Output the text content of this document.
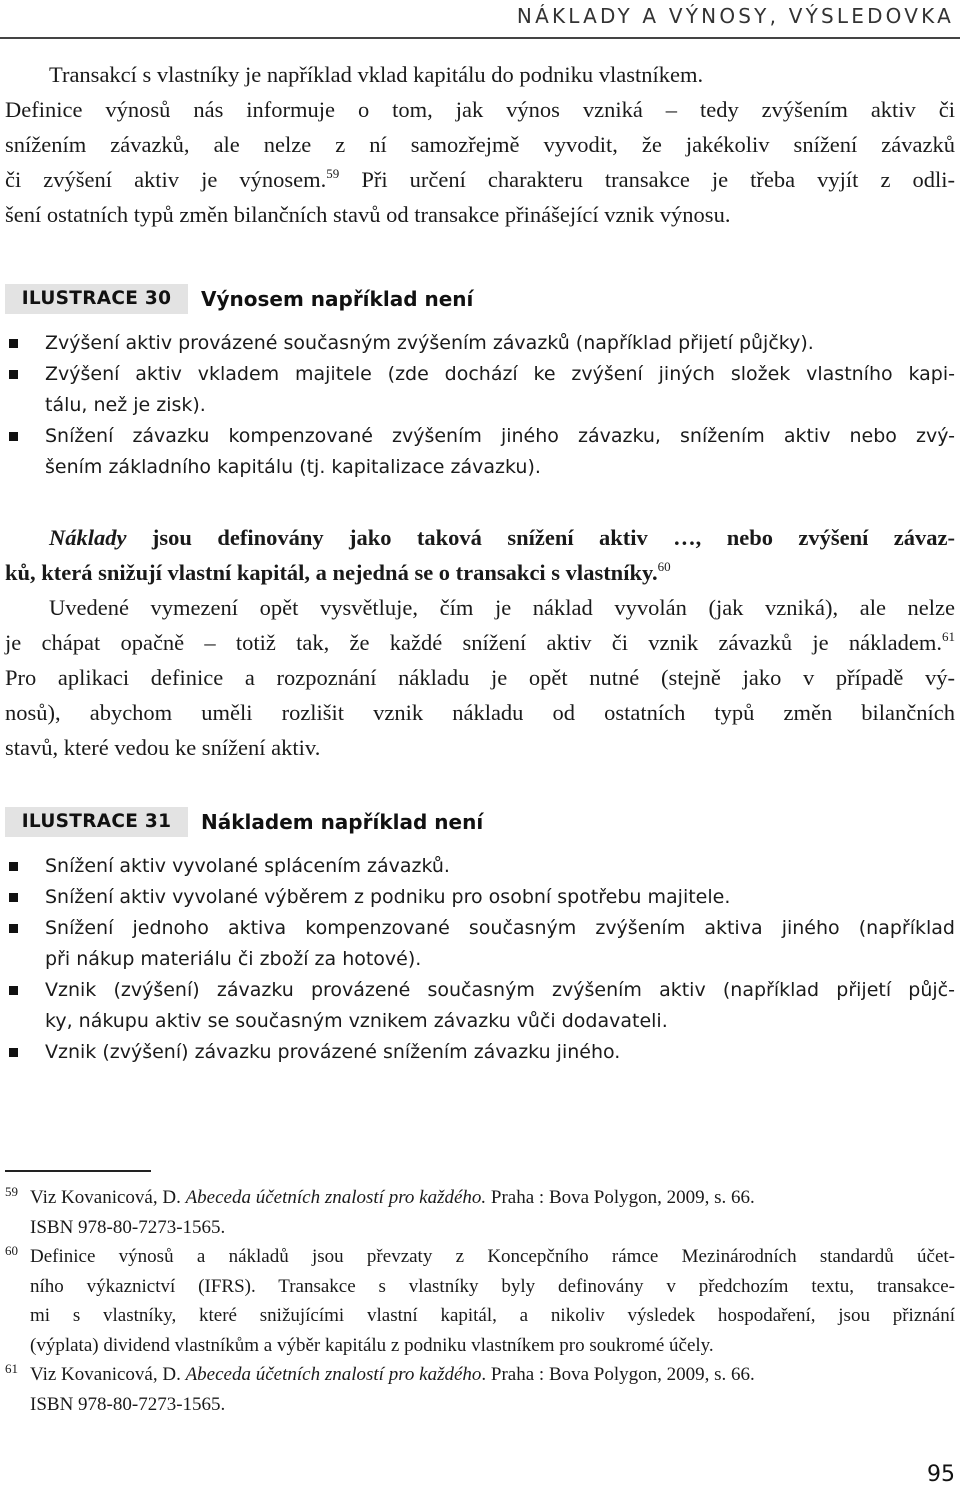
NÁKLADY A VÝNOSY, VÝSLEDOVKA
Transakcí s vlastníky je například vklad kapitálu do podniku vlastníkem.
Definice výnosů nás informuje o tom, jak výnos vzniká – tedy zvýšením aktiv či
snížením závazků, ale nelze z ní samozřejmě vyvodit, že jakékoliv snížení závazků
či zvýšení aktiv je výnosem.$^{59}$ Při určení charakteru transakce je třeba vyjít z odli-
šení ostatních typů změn bilančních stavů od transakce přinášející vznik výnosu.
ILUSTRACE 30	Výnosem například není
Zvýšení aktiv provázené současným zvýšením závazků (například přijetí půjčky).
Zvýšení aktiv vkladem majitele (zde dochází ke zvýšení jiných složek vlastního kapi-
tálu, než je zisk).
Snížení závazku kompenzované zvýšením jiného závazku, snížením aktiv nebo zvý-
šením základního kapitálu (tj. kapitalizace závazku).
Náklady jsou definovány jako taková snížení aktiv …, nebo zvýšení závaz-
ků, která snižují vlastní kapitál, a nejedná se o transakci s vlastníky.$^{60}$
Uvedené vymezení opět vysvětluje, čím je náklad vyvolán (jak vzniká), ale nelze
je chápat opačně – totiž tak, že každé snížení aktiv či vznik závazků je nákladem.$^{61}$
Pro aplikaci definice a rozpoznání nákladu je opět nutné (stejně jako v případě vý-
nosů), abychom uměli rozlišit vznik nákladu od ostatních typů změn bilančních
stavů, které vedou ke snížení aktiv.
ILUSTRACE 31	Nákladem například není
Snížení aktiv vyvolané splácením závazků.
Snížení aktiv vyvolané výběrem z podniku pro osobní spotřebu majitele.
Snížení jednoho aktiva kompenzované současným zvýšením aktiva jiného (například
při nákup materiálu či zboží za hotové).
Vznik (zvýšení) závazku provázené současným zvýšením aktiv (například přijetí půjč-
ky, nákupu aktiv se současným vznikem závazku vůči dodavateli.
Vznik (zvýšení) závazku provázené snížením závazku jiného.
59 Viz Kovanicová, D. Abeceda účetních znalostí pro každého. Praha : Bova Polygon, 2009, s. 66.
ISBN 978-80-7273-1565.
60 Definice výnosů a nákladů jsou převzaty z Koncepčního rámce Mezinárodních standardů účet-
ního výkaznictví (IFRS). Transakce s vlastníky byly definovány v předchozím textu, transakce-
mi s vlastníky, které snižujícími vlastní kapitál, a nikoliv výsledek hospodaření, jsou přiznání
(výplata) dividend vlastníkům a výběr kapitálu z podniku vlastníkem pro soukromé účely.
61 Viz Kovanicová, D. Abeceda účetních znalostí pro každého. Praha : Bova Polygon, 2009, s. 66.
ISBN 978-80-7273-1565.
95
